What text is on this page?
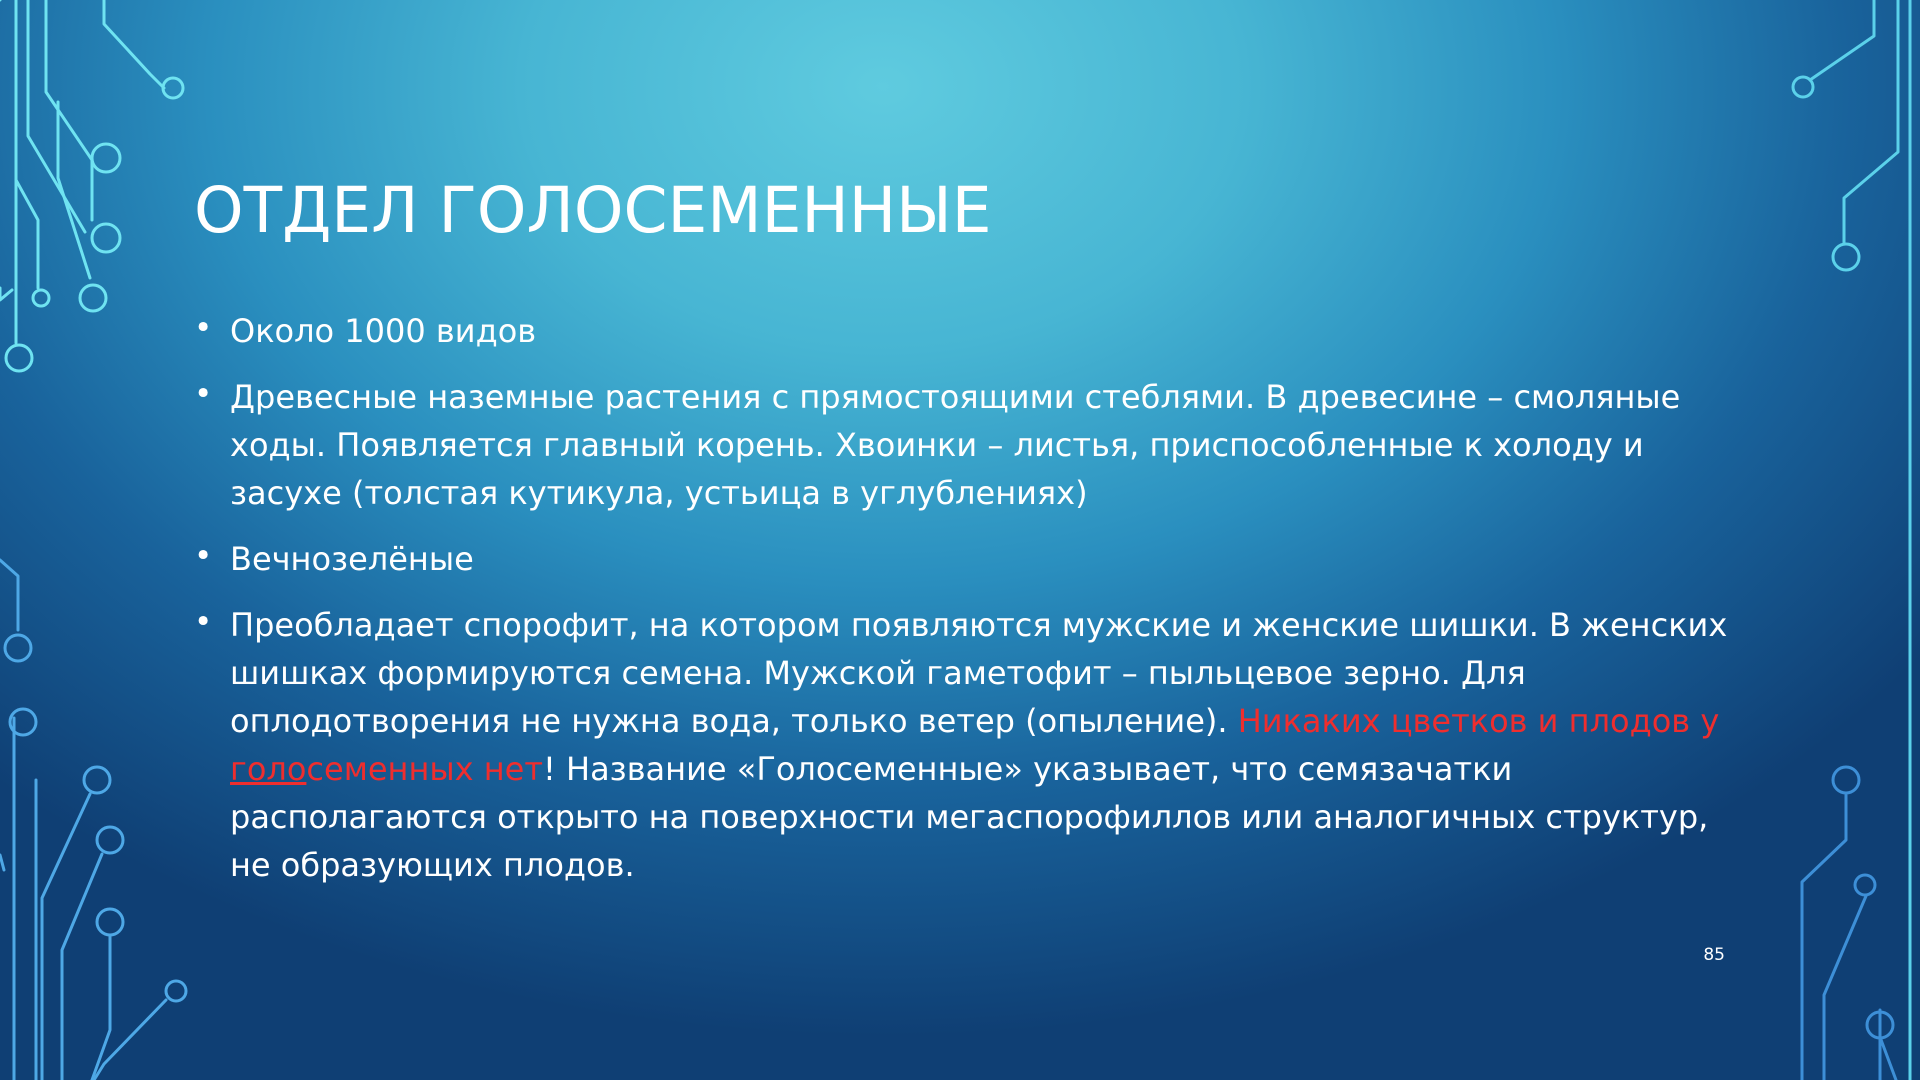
ОТДЕЛ ГОЛОСЕМЕННЫЕ
• Около 1000 видов
• Древесные наземные растения с прямостоящими стеблями. В древесине – смоляные ходы. Появляется главный корень. Хвоинки – листья, приспособленные к холоду и засухе (толстая кутикула, устьица в углублениях)
• Вечнозелёные
• Преобладает спорофит, на котором появляются мужские и женские шишки. В женских шишках формируются семена. Мужской гаметофит – пыльцевое зерно. Для оплодотворения не нужна вода, только ветер (опыление). Никаких цветков и плодов у голосеменных нет! Название «Голосеменные» указывает, что семязачатки располагаются открыто на поверхности мегаспорофиллов или аналогичных структур, не образующих плодов.
85
